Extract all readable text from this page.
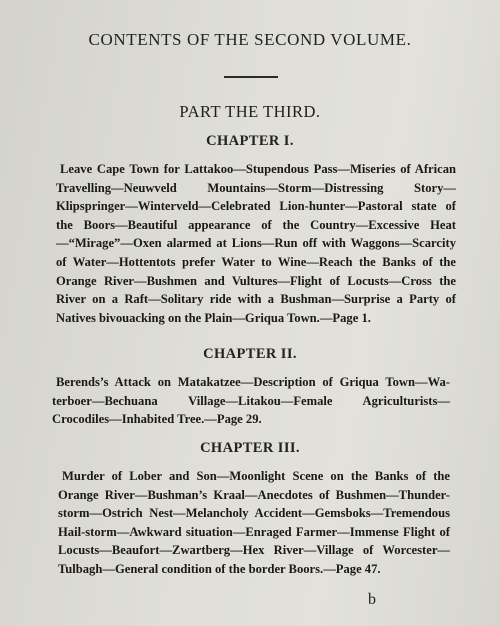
CONTENTS OF THE SECOND VOLUME.
PART THE THIRD.
CHAPTER I.

Leave Cape Town for Lattakoo—Stupendous Pass—Miseries of African Travelling—Neuwveld Mountains—Storm—Distressing Story—Klipspringer—Winterveld—Celebrated Lion-hunter—Pastoral state of the Boors—Beautiful appearance of the Country—Excessive Heat—“Mirage”—Oxen alarmed at Lions—Run off with Waggons—Scarcity of Water—Hottentots prefer Water to Wine—Reach the Banks of the Orange River—Bushmen and Vultures—Flight of Locusts—Cross the River on a Raft—Solitary ride with a Bushman—Surprise a Party of Natives bivouacking on the Plain—Griqua Town.—Page 1.

CHAPTER II.

Berends’s Attack on Matakatzee—Description of Griqua Town—Waterboer—Bechuana Village—Litakou—Female Agriculturists—Crocodiles—Inhabited Tree.—Page 29.

CHAPTER III.

Murder of Lober and Son—Moonlight Scene on the Banks of the Orange River—Bushman’s Kraal—Anecdotes of Bushmen—Thunder-storm—Ostrich Nest—Melancholy Accident—Gemsboks—Tremendous Hail-storm—Awkward situation—Enraged Farmer—Immense Flight of Locusts—Beaufort—Zwartberg—Hex River—Village of Worcester—Tulbagh—General condition of the border Boors.—Page 47.

b
